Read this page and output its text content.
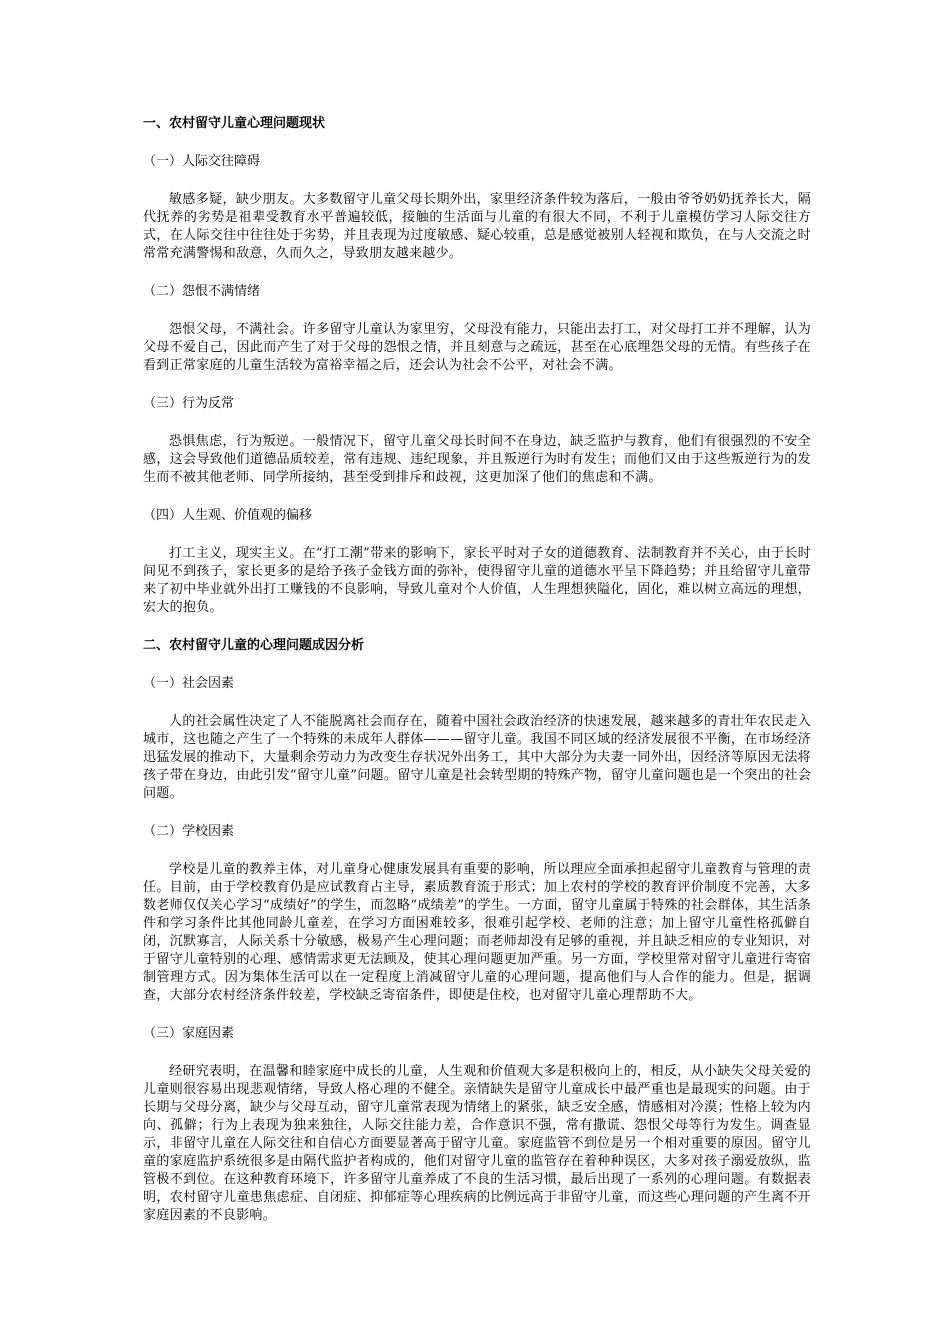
一、农村留守儿童心理问题现状
（一）人际交往障碍
敏感多疑，缺少朋友。大多数留守儿童父母长期外出，家里经济条件较为落后，一般由爷爷奶奶抚养长大，隔代抚养的劣势是祖辈受教育水平普遍较低，接触的生活面与儿童的有很大不同，不利于儿童模仿学习人际交往方式，在人际交往中往往处于劣势，并且表现为过度敏感、疑心较重，总是感觉被别人轻视和欺负，在与人交流之时常常充满警惕和敌意，久而久之，导致朋友越来越少。
（二）怨恨不满情绪
怨恨父母，不满社会。许多留守儿童认为家里穷，父母没有能力，只能出去打工，对父母打工并不理解，认为父母不爱自己，因此而产生了对于父母的怨恨之情，并且刻意与之疏远，甚至在心底埋怨父母的无情。有些孩子在看到正常家庭的儿童生活较为富裕幸福之后，还会认为社会不公平，对社会不满。
（三）行为反常
恐惧焦虑，行为叛逆。一般情况下，留守儿童父母长时间不在身边，缺乏监护与教育，他们有很强烈的不安全感，这会导致他们道德品质较差，常有违规、违纪现象，并且叛逆行为时有发生；而他们又由于这些叛逆行为的发生而不被其他老师、同学所接纳，甚至受到排斥和歧视，这更加深了他们的焦虑和不满。
（四）人生观、价值观的偏移
打工主义，现实主义。在“打工潮”带来的影响下，家长平时对子女的道德教育、法制教育并不关心，由于长时间见不到孩子，家长更多的是给予孩子金钱方面的弥补，使得留守儿童的道德水平呈下降趋势；并且给留守儿童带来了初中毕业就外出打工赚钱的不良影响，导致儿童对个人价值，人生理想狭隘化，固化，难以树立高远的理想，宏大的抱负。
二、农村留守儿童的心理问题成因分析
（一）社会因素
人的社会属性决定了人不能脱离社会而存在，随着中国社会政治经济的快速发展，越来越多的青壮年农民走入城市，这也随之产生了一个特殊的未成年人群体———留守儿童。我国不同区域的经济发展很不平衡，在市场经济迅猛发展的推动下，大量剩余劳动力为改变生存状况外出务工，其中大部分为夫妻一同外出，因经济等原因无法将孩子带在身边，由此引发“留守儿童”问题。留守儿童是社会转型期的特殊产物，留守儿童问题也是一个突出的社会问题。
（二）学校因素
学校是儿童的教养主体，对儿童身心健康发展具有重要的影响，所以理应全面承担起留守儿童教育与管理的责任。目前，由于学校教育仍是应试教育占主导，素质教育流于形式；加上农村的学校的教育评价制度不完善，大多数老师仅仅关心学习“成绩好”的学生，而忽略“成绩差”的学生。一方面，留守儿童属于特殊的社会群体，其生活条件和学习条件比其他同龄儿童差，在学习方面困难较多，很难引起学校、老师的注意；加上留守儿童性格孤僻自闭，沉默寡言，人际关系十分敏感，极易产生心理问题；而老师却没有足够的重视，并且缺乏相应的专业知识，对于留守儿童特别的心理、感情需求更无法顾及，使其心理问题更加严重。另一方面，学校里常对留守儿童进行寄宿制管理方式。因为集体生活可以在一定程度上消减留守儿童的心理问题，提高他们与人合作的能力。但是，据调查，大部分农村经济条件较差，学校缺乏寄宿条件，即使是住校，也对留守儿童心理帮助不大。
（三）家庭因素
经研究表明，在温馨和睦家庭中成长的儿童，人生观和价值观大多是积极向上的，相反，从小缺失父母关爱的儿童则很容易出现悲观情绪，导致人格心理的不健全。亲情缺失是留守儿童成长中最严重也是最现实的问题。由于长期与父母分离，缺少与父母互动，留守儿童常表现为情绪上的紧张，缺乏安全感，情感相对冷漠；性格上较为内向、孤僻；行为上表现为独来独往，人际交往能力差，合作意识不强，常有撒谎、怨恨父母等行为发生。调查显示，非留守儿童在人际交往和自信心方面要显著高于留守儿童。家庭监管不到位是另一个相对重要的原因。留守儿童的家庭监护系统很多是由隔代监护者构成的，他们对留守儿童的监管存在着种种误区，大多对孩子溺爱放纵，监管极不到位。在这种教育环境下，许多留守儿童养成了不良的生活习惯，最后出现了一系列的心理问题。有数据表明，农村留守儿童患焦虑症、自闭症、抑郁症等心理疾病的比例远高于非留守儿童，而这些心理问题的产生离不开家庭因素的不良影响。
